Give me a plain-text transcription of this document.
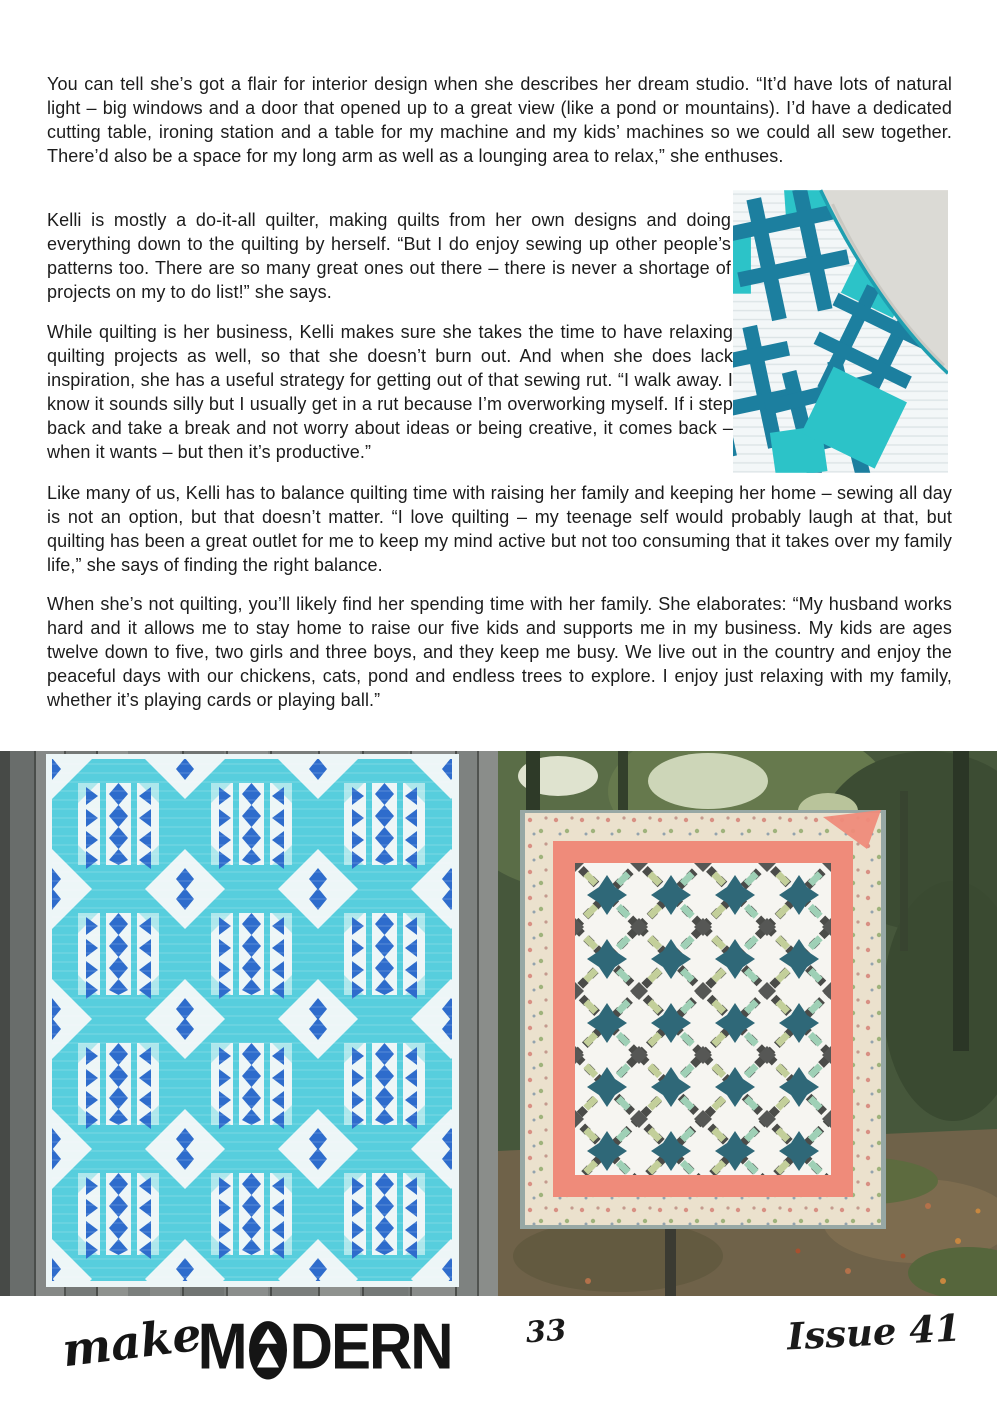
You can tell she’s got a flair for interior design when she describes her dream studio. “It’d have lots of natural light – big windows and a door that opened up to a great view (like a pond or mountains). I’d have a dedicated cutting table, ironing station and a table for my machine and my kids’ machines so we could all sew together. There’d also be a space for my long arm as well as a lounging area to relax,” she enthuses.

Kelli is mostly a do-it-all quilter, making quilts from her own designs and doing everything down to the quilting by herself. “But I do enjoy sewing up other people’s patterns too. There are so many great ones out there – there is never a shortage of projects on my to do list!” she says.

While quilting is her business, Kelli makes sure she takes the time to have relaxing quilting projects as well, so that she doesn’t burn out. And when she does lack inspiration, she has a useful strategy for getting out of that sewing rut. “I walk away. I know it sounds silly but I usually get in a rut because I’m overworking myself. If i step back and take a break and not worry about ideas or being creative, it comes back – when it wants – but then it’s productive.”

Like many of us, Kelli has to balance quilting time with raising her family and keeping her home – sewing all day is not an option, but that doesn’t matter. “I love quilting – my teenage self would probably laugh at that, but quilting has been a great outlet for me to keep my mind active but not too consuming that it takes over my family life,” she says of finding the right balance.

When she’s not quilting, you’ll likely find her spending time with her family. She elaborates: “My husband works hard and it allows me to stay home to raise our five kids and supports me in my business. My kids are ages twelve down to five, two girls and three boys, and they keep me busy. We live out in the country and enjoy the peaceful days with our chickens, cats, pond and endless trees to explore. I enjoy just relaxing with my family, whether it’s playing cards or playing ball.”

make
M DERN	33	Issue 41
